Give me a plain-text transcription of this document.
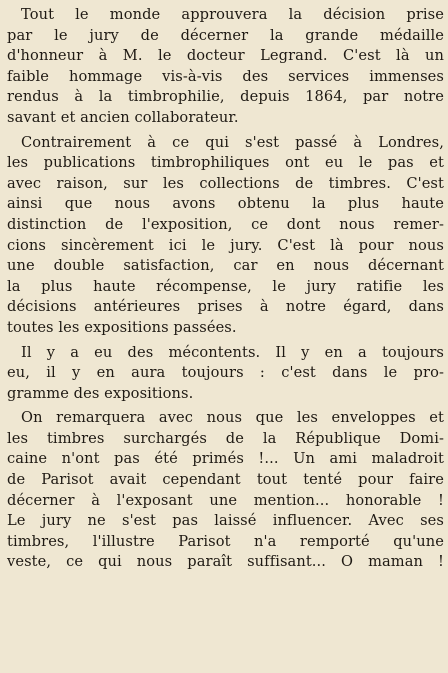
Tout le monde approuvera la décision prise
par le jury de décerner la grande médaille
d'honneur à M. le docteur Legrand. C'est là un
faible hommage vis-à-vis des services immenses
rendus à la timbrophilie, depuis 1864, par notre
savant et ancien collaborateur.
Contrairement à ce qui s'est passé à Londres,
les publications timbrophiliques ont eu le pas et
avec raison, sur les collections de timbres. C'est
ainsi que nous avons obtenu la plus haute
distinction de l'exposition, ce dont nous remer-
cions sincèrement ici le jury. C'est là pour nous
une double satisfaction, car en nous décernant
la plus haute récompense, le jury ratifie les
décisions antérieures prises à notre égard, dans
toutes les expositions passées.
Il y a eu des mécontents. Il y en a toujours
eu, il y en aura toujours : c'est dans le pro-
gramme des expositions.
On remarquera avec nous que les enveloppes et
les timbres surchargés de la République Domi-
caine n'ont pas été primés !... Un ami maladroit
de Parisot avait cependant tout tenté pour faire
décerner à l'exposant une mention... honorable !
Le jury ne s'est pas laissé influencer. Avec ses
timbres, l'illustre Parisot n'a remporté qu'une
veste, ce qui nous paraît suffisant... O maman !
